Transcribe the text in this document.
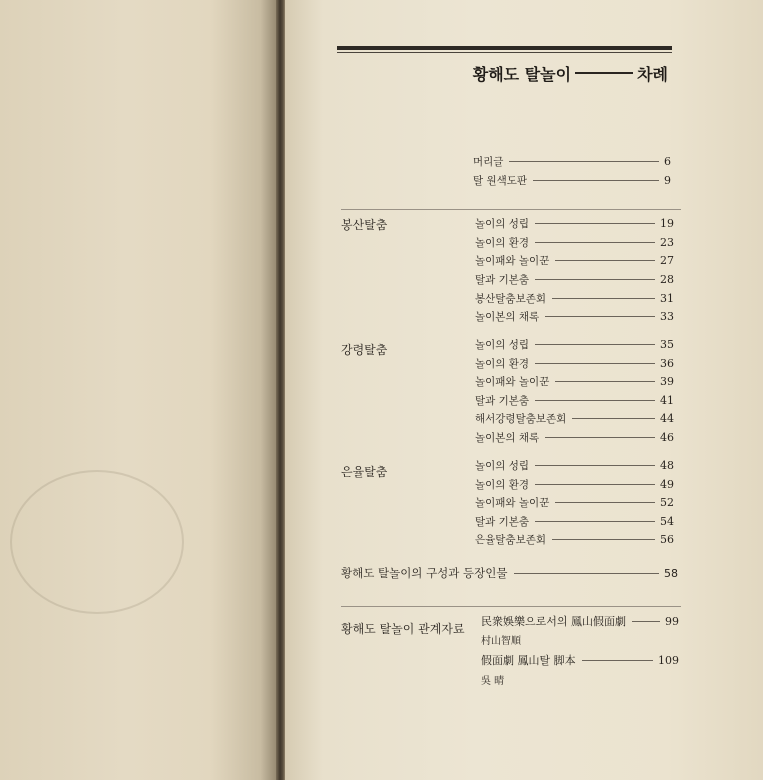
황해도 탈놀이	차례
머리글	6
탈 원색도판	9
봉산탈춤	놀이의 성립	19
놀이의 환경	23
놀이패와 놀이꾼	27
탈과 기본춤	28
봉산탈춤보존회	31
놀이본의 채록	33
강령탈춤	놀이의 성립	35
놀이의 환경	36
놀이패와 놀이꾼	39
탈과 기본춤	41
해서강령탈춤보존회	44
놀이본의 채록	46
은율탈춤	놀이의 성립	48
놀이의 환경	49
놀이패와 놀이꾼	52
탈과 기본춤	54
은율탈춤보존회	56
황해도 탈놀이의 구성과 등장인물	58
황해도 탈놀이 관계자료
民衆娛樂으로서의 鳳山假面劇	99
村山智順
假面劇 鳳山탈 脚本	109
吳 晴
